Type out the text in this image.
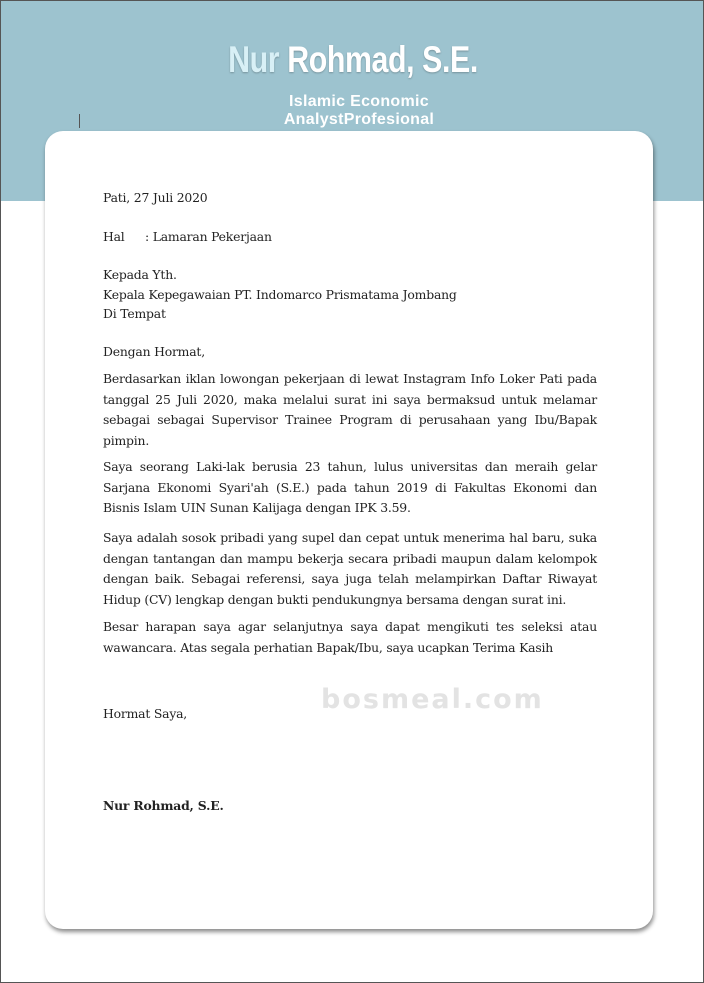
Nur Rohmad, S.E.
Islamic Economic
AnalystProfesional
Pati, 27 Juli 2020
Hal : Lamaran Pekerjaan
Kepada Yth.
Kepala Kepegawaian PT. Indomarco Prismatama Jombang
Di Tempat
Dengan Hormat,
Berdasarkan iklan lowongan pekerjaan di lewat Instagram Info Loker Pati pada tanggal 25 Juli 2020, maka melalui surat ini saya bermaksud untuk melamar sebagai sebagai Supervisor Trainee Program di perusahaan yang Ibu/Bapak pimpin.
Saya seorang Laki-lak berusia 23 tahun, lulus universitas dan meraih gelar Sarjana Ekonomi Syari'ah (S.E.) pada tahun 2019 di Fakultas Ekonomi dan Bisnis Islam UIN Sunan Kalijaga dengan IPK 3.59.
Saya adalah sosok pribadi yang supel dan cepat untuk menerima hal baru, suka dengan tantangan dan mampu bekerja secara pribadi maupun dalam kelompok dengan baik. Sebagai referensi, saya juga telah melampirkan Daftar Riwayat Hidup (CV) lengkap dengan bukti pendukungnya bersama dengan surat ini.
Besar harapan saya agar selanjutnya saya dapat mengikuti tes seleksi atau wawancara. Atas segala perhatian Bapak/Ibu, saya ucapkan Terima Kasih
Hormat Saya,
Nur Rohmad, S.E.
bosmeal.com
